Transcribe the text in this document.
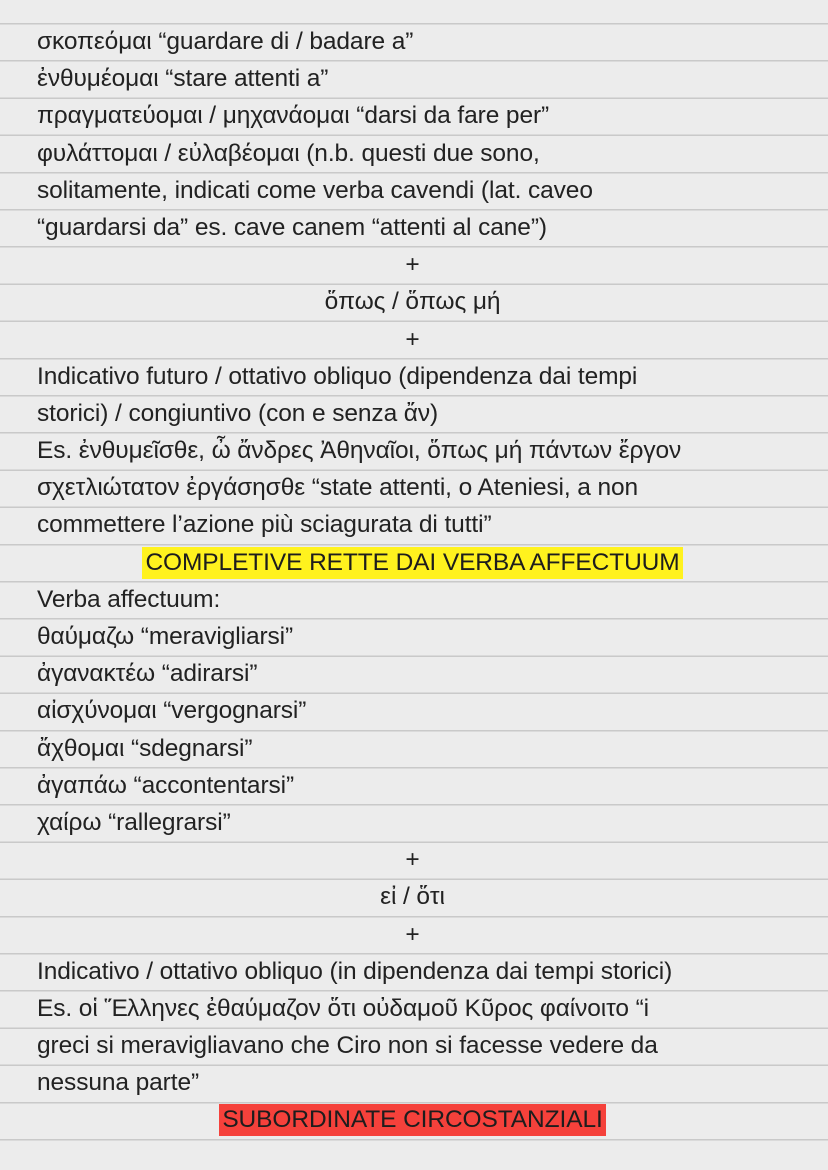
σκοπεόμαι “guardare di / badare a”
ἐνθυμέομαι “stare attenti a”
πραγματεύομαι / μηχανάομαι “darsi da fare per”
φυλάττομαι / εὐλαβέομαι (n.b. questi due sono,
solitamente, indicati come verba cavendi (lat. caveo
“guardarsi da” es. cave canem “attenti al cane”)
+
ὅπως / ὅπως μή
+
Indicativo futuro / ottativo obliquo (dipendenza dai tempi
storici) / congiuntivo (con e senza ἄν)
Es. ἐνθυμεῖσθε, ὦ ἄνδρες Ἀθηναῖοι, ὅπως μή πάντων ἔργον
σχετλιώτατον ἐργάσησθε “state attenti, o Ateniesi, a non
commettere l’azione più sciagurata di tutti”
COMPLETIVE RETTE DAI VERBA AFFECTUUM
Verba affectuum:
θαύμαζω “meravigliarsi”
ἀγανακτέω “adirarsi”
αἰσχύνομαι “vergognarsi”
ἄχθομαι “sdegnarsi”
ἀγαπάω “accontentarsi”
χαίρω “rallegrarsi”
+
εἰ / ὅτι
+
Indicativo / ottativo obliquo (in dipendenza dai tempi storici)
Es. οἱ Ἕλληνες ἐθαύμαζον ὅτι οὐδαμοῦ Κῦρος φαίνοιτο “i
greci si meravigliavano che Ciro non si facesse vedere da
nessuna parte”
SUBORDINATE CIRCOSTANZIALI
